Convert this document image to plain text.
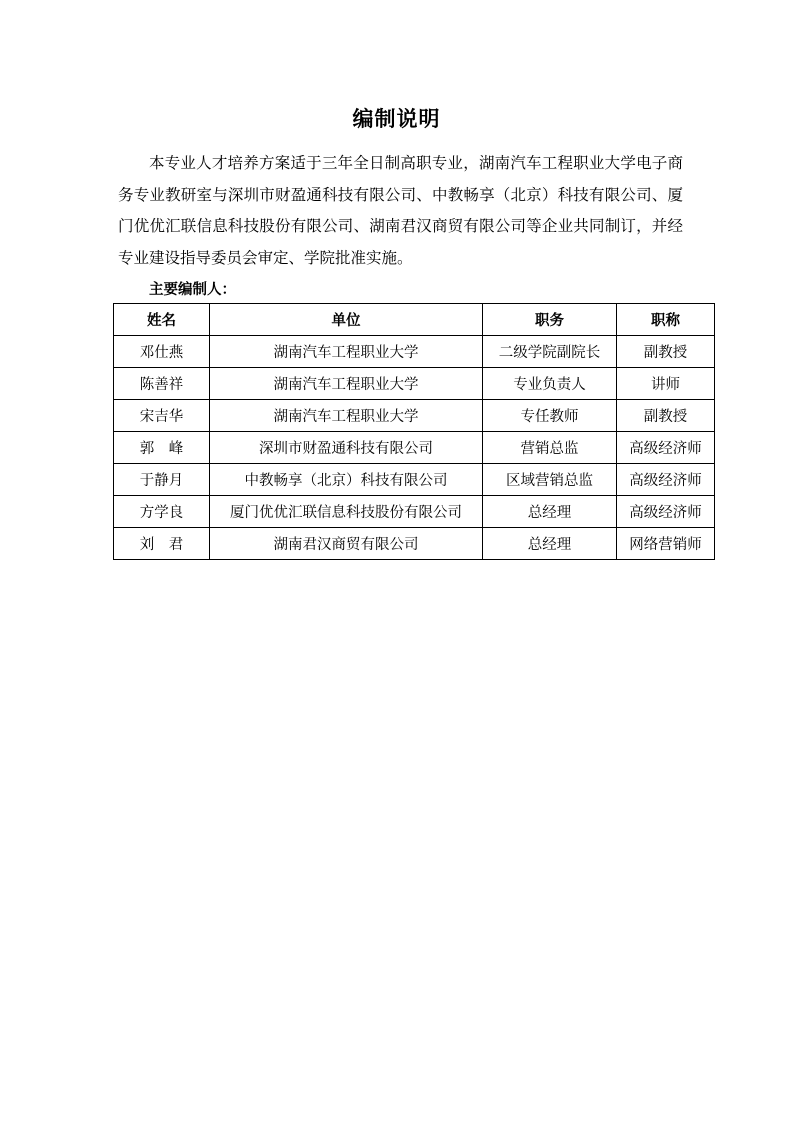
编制说明

本专业人才培养方案适于三年全日制高职专业，湖南汽车工程职业大学电子商务专业教研室与深圳市财盈通科技有限公司、中教畅享（北京）科技有限公司、厦门优优汇联信息科技股份有限公司、湖南君汉商贸有限公司等企业共同制订，并经专业建设指导委员会审定、学院批准实施。

主要编制人：
姓名	单位	职务	职称
邓仕燕	湖南汽车工程职业大学	二级学院副院长	副教授
陈善祥	湖南汽车工程职业大学	专业负责人	讲师
宋吉华	湖南汽车工程职业大学	专任教师	副教授
郭　峰	深圳市财盈通科技有限公司	营销总监	高级经济师
于静月	中教畅享（北京）科技有限公司	区域营销总监	高级经济师
方学良	厦门优优汇联信息科技股份有限公司	总经理	高级经济师
刘　君	湖南君汉商贸有限公司	总经理	网络营销师
